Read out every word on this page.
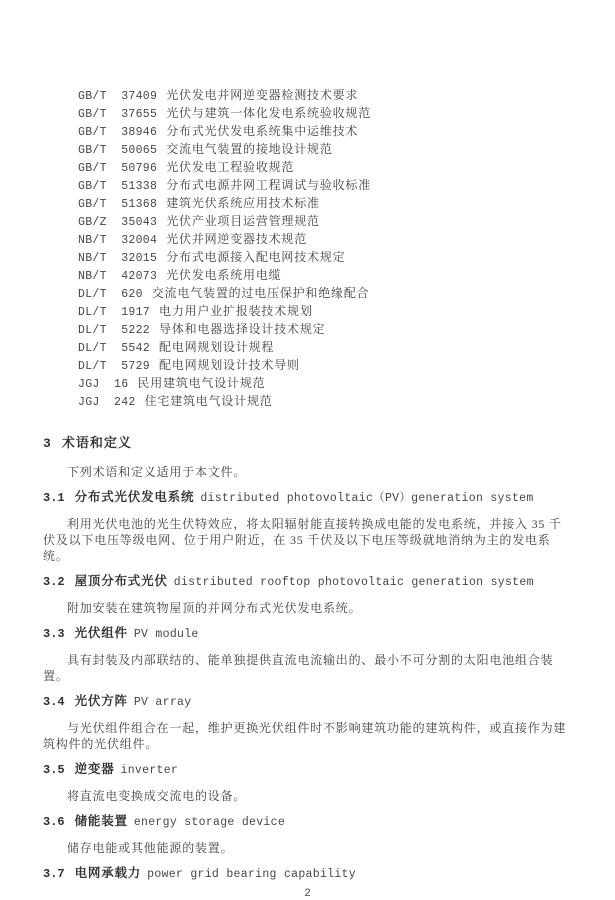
GB/T  37409 光伏发电并网逆变器检测技术要求
GB/T  37655 光伏与建筑一体化发电系统验收规范
GB/T  38946 分布式光伏发电系统集中运维技术
GB/T  50065 交流电气装置的接地设计规范
GB/T  50796 光伏发电工程验收规范
GB/T  51338 分布式电源并网工程调试与验收标准
GB/T  51368 建筑光伏系统应用技术标准
GB/Z  35043 光伏产业项目运营管理规范
NB/T  32004 光伏并网逆变器技术规范
NB/T  32015 分布式电源接入配电网技术规定
NB/T  42073 光伏发电系统用电缆
DL/T  620 交流电气装置的过电压保护和绝缘配合
DL/T  1917 电力用户业扩报装技术规划
DL/T  5222 导体和电器选择设计技术规定
DL/T  5542 配电网规划设计规程
DL/T  5729 配电网规划设计技术导则
JGJ  16 民用建筑电气设计规范
JGJ  242 住宅建筑电气设计规范
3 术语和定义

下列术语和定义适用于本文件。

3.1 分布式光伏发电系统 distributed photovoltaic（PV）generation system

利用光伏电池的光生伏特效应，将太阳辐射能直接转换成电能的发电系统，并接入 35 千伏及以下电压等级电网、位于用户附近，在 35 千伏及以下电压等级就地消纳为主的发电系统。

3.2 屋顶分布式光伏 distributed rooftop photovoltaic generation system

附加安装在建筑物屋顶的并网分布式光伏发电系统。

3.3 光伏组件 PV module

具有封装及内部联结的、能单独提供直流电流输出的、最小不可分割的太阳电池组合装置。

3.4 光伏方阵 PV array

与光伏组件组合在一起，维护更换光伏组件时不影响建筑功能的建筑构件，或直接作为建筑构件的光伏组件。

3.5 逆变器 inverter

将直流电变换成交流电的设备。

3.6 储能装置 energy storage device

储存电能或其他能源的装置。

3.7 电网承载力 power grid bearing capability
2
